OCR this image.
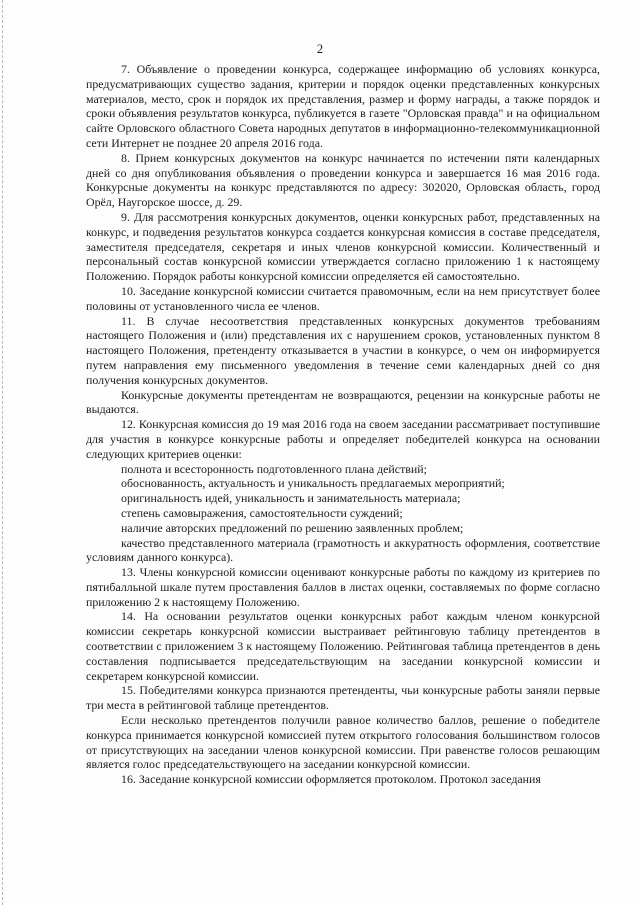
2

7. Объявление о проведении конкурса, содержащее информацию об условиях конкурса, предусматривающих существо задания, критерии и порядок оценки представленных конкурсных материалов, место, срок и порядок их представления, размер и форму награды, а также порядок и сроки объявления результатов конкурса, публикуется в газете "Орловская правда" и на официальном сайте Орловского областного Совета народных депутатов в информационно-телекоммуникационной сети Интернет не позднее 20 апреля 2016 года.

8. Прием конкурсных документов на конкурс начинается по истечении пяти календарных дней со дня опубликования объявления о проведении конкурса и завершается 16 мая 2016 года. Конкурсные документы на конкурс представляются по адресу: 302020, Орловская область, город Орёл, Наугорское шоссе, д. 29.

9. Для рассмотрения конкурсных документов, оценки конкурсных работ, представленных на конкурс, и подведения результатов конкурса создается конкурсная комиссия в составе председателя, заместителя председателя, секретаря и иных членов конкурсной комиссии. Количественный и персональный состав конкурсной комиссии утверждается согласно приложению 1 к настоящему Положению. Порядок работы конкурсной комиссии определяется ей самостоятельно.

10. Заседание конкурсной комиссии считается правомочным, если на нем присутствует более половины от установленного числа ее членов.

11. В случае несоответствия представленных конкурсных документов требованиям настоящего Положения и (или) представления их с нарушением сроков, установленных пунктом 8 настоящего Положения, претенденту отказывается в участии в конкурсе, о чем он информируется путем направления ему письменного уведомления в течение семи календарных дней со дня получения конкурсных документов.

Конкурсные документы претендентам не возвращаются, рецензии на конкурсные работы не выдаются.

12. Конкурсная комиссия до 19 мая 2016 года на своем заседании рассматривает поступившие для участия в конкурсе конкурсные работы и определяет победителей конкурса на основании следующих критериев оценки:

полнота и всесторонность подготовленного плана действий;

обоснованность, актуальность и уникальность предлагаемых мероприятий;

оригинальность идей, уникальность и занимательность материала;

степень самовыражения, самостоятельности суждений;

наличие авторских предложений по решению заявленных проблем;

качество представленного материала (грамотность и аккуратность оформления, соответствие условиям данного конкурса).

13. Члены конкурсной комиссии оценивают конкурсные работы по каждому из критериев по пятибалльной шкале путем проставления баллов в листах оценки, составляемых по форме согласно приложению 2 к настоящему Положению.

14. На основании результатов оценки конкурсных работ каждым членом конкурсной комиссии секретарь конкурсной комиссии выстраивает рейтинговую таблицу претендентов в соответствии с приложением 3 к настоящему Положению. Рейтинговая таблица претендентов в день составления подписывается председательствующим на заседании конкурсной комиссии и секретарем конкурсной комиссии.

15. Победителями конкурса признаются претенденты, чьи конкурсные работы заняли первые три места в рейтинговой таблице претендентов.

Если несколько претендентов получили равное количество баллов, решение о победителе конкурса принимается конкурсной комиссией путем открытого голосования большинством голосов от присутствующих на заседании членов конкурсной комиссии. При равенстве голосов решающим является голос председательствующего на заседании конкурсной комиссии.

16. Заседание конкурсной комиссии оформляется протоколом. Протокол заседания
